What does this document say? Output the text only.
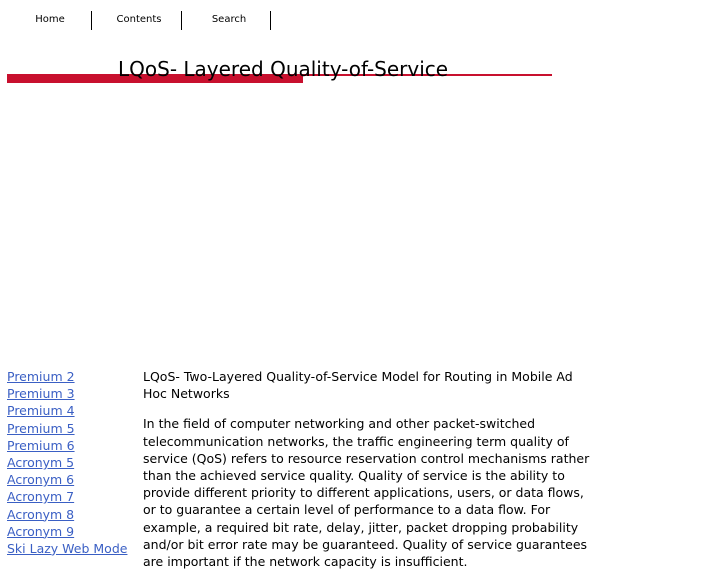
Home	Contents	Search
LQoS- Layered Quality-of-Service
Premium 2
Premium 3
Premium 4
Premium 5
Premium 6
Acronym 5
Acronym 6
Acronym 7
Acronym 8
Acronym 9
Ski Lazy Web Mode

LQoS- Two-Layered Quality-of-Service Model for Routing in Mobile Ad Hoc Networks

In the field of computer networking and other packet-switched telecommunication networks, the traffic engineering term quality of service (QoS) refers to resource reservation control mechanisms rather than the achieved service quality. Quality of service is the ability to provide different priority to different applications, users, or data flows, or to guarantee a certain level of performance to a data flow. For example, a required bit rate, delay, jitter, packet dropping probability and/or bit error rate may be guaranteed. Quality of service guarantees are important if the network capacity is insufficient.
